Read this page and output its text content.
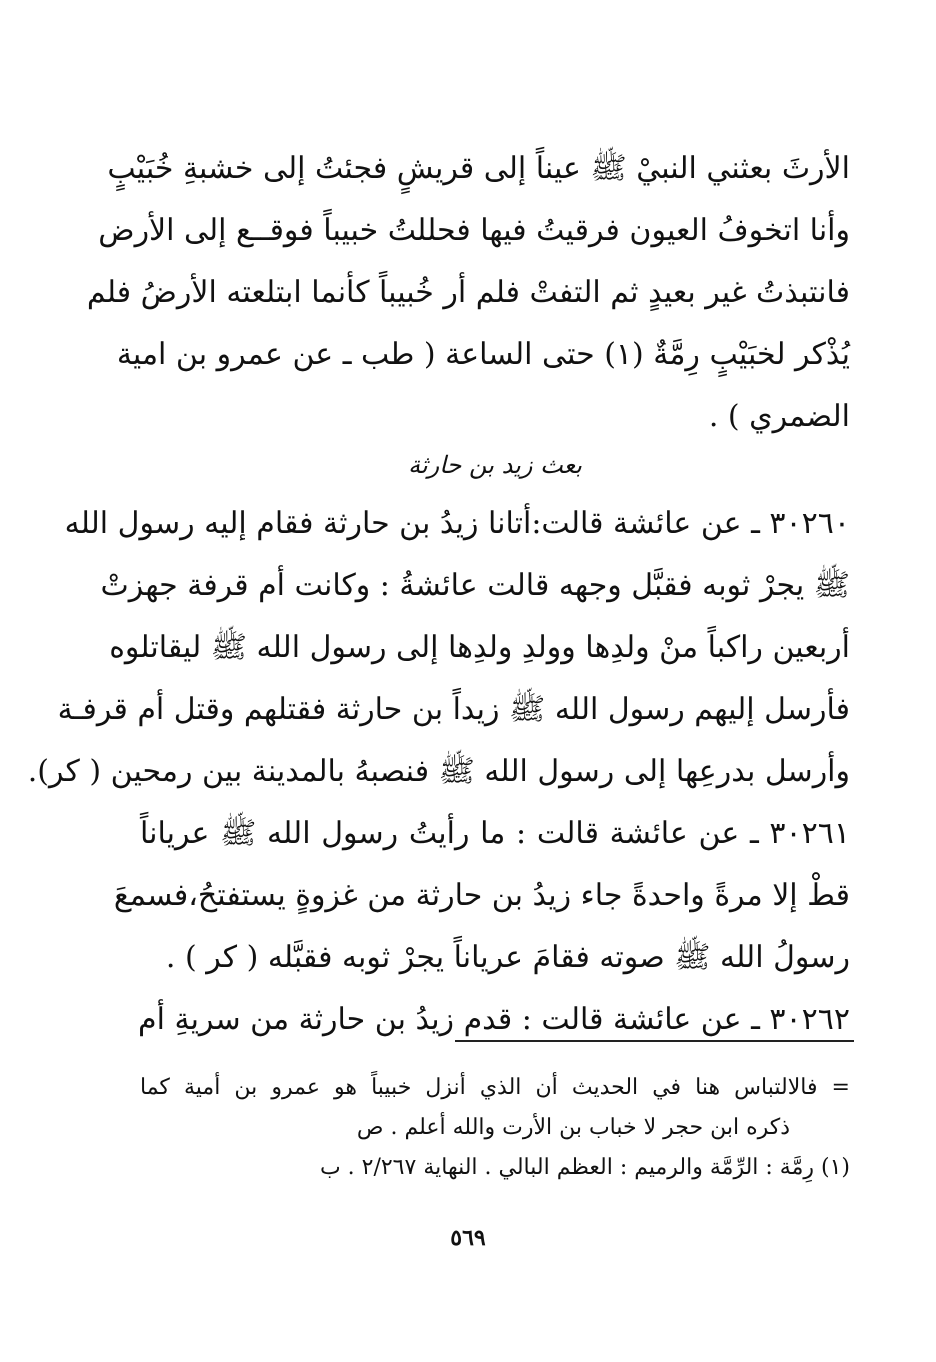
الأرثَ بعثني النبيْ ﷺ عيناً إلى قريشٍ فجئتُ إلى خشبةِ خُبَيْبٍ
وأنا اتخوفُ العيون فرقيتُ فيها فحللتُ خبيباً فوقــع إلى الأرض
فانتبذتُ غير بعيدٍ ثم التفتْ فلم أر خُبيباً كأنما ابتلعته الأرضُ فلم
يُذْكر لخبَيْبٍ رِمَّةٌ (١) حتى الساعة ( طب ـ عن عمرو بن امية
الضمري ) .
بعث زيد بن حارثة
٣٠٢٦٠ ـ عن عائشة قالت:أتانا زيدُ بن حارثة فقام إليه رسول الله
ﷺ يجرْ ثوبه فقبَّل وجهه قالت عائشةُ : وكانت أم قرفة جهزتْ
أربعين راكباً منْ ولدِها وولدِ ولدِها إلى رسول الله ﷺ ليقاتلوه
فأرسل إليهم رسول الله ﷺ زيداً بن حارثة فقتلهم وقتل أم قرفـة
وأرسل بدرعِها إلى رسول الله ﷺ فنصبهُ بالمدينة بين رمحين ( كر).
٣٠٢٦١ ـ عن عائشة قالت : ما رأيتُ رسول الله ﷺ عرياناً
قطْ إلا مرةً واحدةً جاء زيدُ بن حارثة من غزوةٍ يستفتحُ،فسمعَ
رسولُ الله ﷺ صوته فقامَ عرياناً يجرْ ثوبه فقبَّله ( كر ) .
٣٠٢٦٢ ـ عن عائشة قالت : قدم زيدُ بن حارثة من سريةِ أم
= فالالتباس هنا في الحديث أن الذي أنزل خبيباً هو عمرو بن أمية كما
ذكره ابن حجر لا خباب بن الأرت والله أعلم . ص
(١) رِمَّة : الرِّمَّة والرميم : العظم البالي . النهاية ٢/٢٦٧ . ب
٥٦٩
